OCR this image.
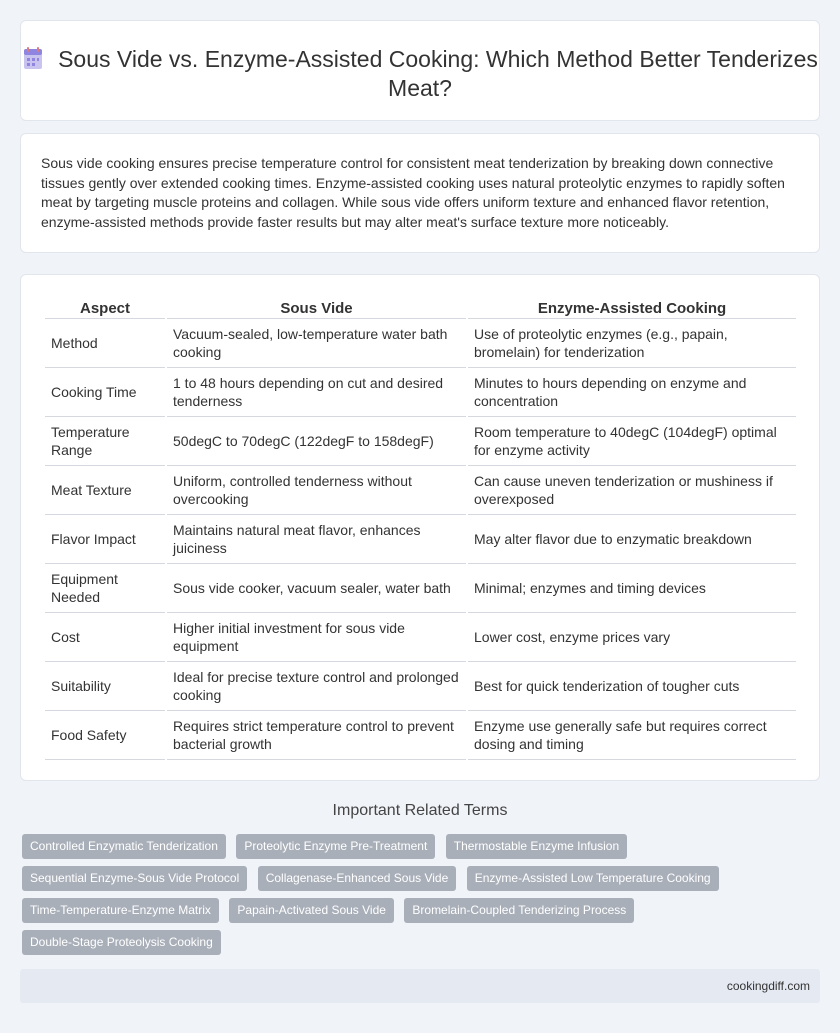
Sous Vide vs. Enzyme-Assisted Cooking: Which Method Better Tenderizes Meat?

Sous vide cooking ensures precise temperature control for consistent meat tenderization by breaking down connective tissues gently over extended cooking times. Enzyme-assisted cooking uses natural proteolytic enzymes to rapidly soften meat by targeting muscle proteins and collagen. While sous vide offers uniform texture and enhanced flavor retention, enzyme-assisted methods provide faster results but may alter meat's surface texture more noticeably.

Aspect	Sous Vide	Enzyme-Assisted Cooking
Method	Vacuum-sealed, low-temperature water bath cooking	Use of proteolytic enzymes (e.g., papain, bromelain) for tenderization
Cooking Time	1 to 48 hours depending on cut and desired tenderness	Minutes to hours depending on enzyme and concentration
Temperature Range	50degC to 70degC (122degF to 158degF)	Room temperature to 40degC (104degF) optimal for enzyme activity
Meat Texture	Uniform, controlled tenderness without overcooking	Can cause uneven tenderization or mushiness if overexposed
Flavor Impact	Maintains natural meat flavor, enhances juiciness	May alter flavor due to enzymatic breakdown
Equipment Needed	Sous vide cooker, vacuum sealer, water bath	Minimal; enzymes and timing devices
Cost	Higher initial investment for sous vide equipment	Lower cost, enzyme prices vary
Suitability	Ideal for precise texture control and prolonged cooking	Best for quick tenderization of tougher cuts
Food Safety	Requires strict temperature control to prevent bacterial growth	Enzyme use generally safe but requires correct dosing and timing
Important Related Terms
Controlled Enzymatic Tenderization Proteolytic Enzyme Pre-Treatment Thermostable Enzyme Infusion Sequential Enzyme-Sous Vide Protocol Collagenase-Enhanced Sous Vide Enzyme-Assisted Low Temperature Cooking Time-Temperature-Enzyme Matrix Papain-Activated Sous Vide Bromelain-Coupled Tenderizing Process Double-Stage Proteolysis Cooking
cookingdiff.com
